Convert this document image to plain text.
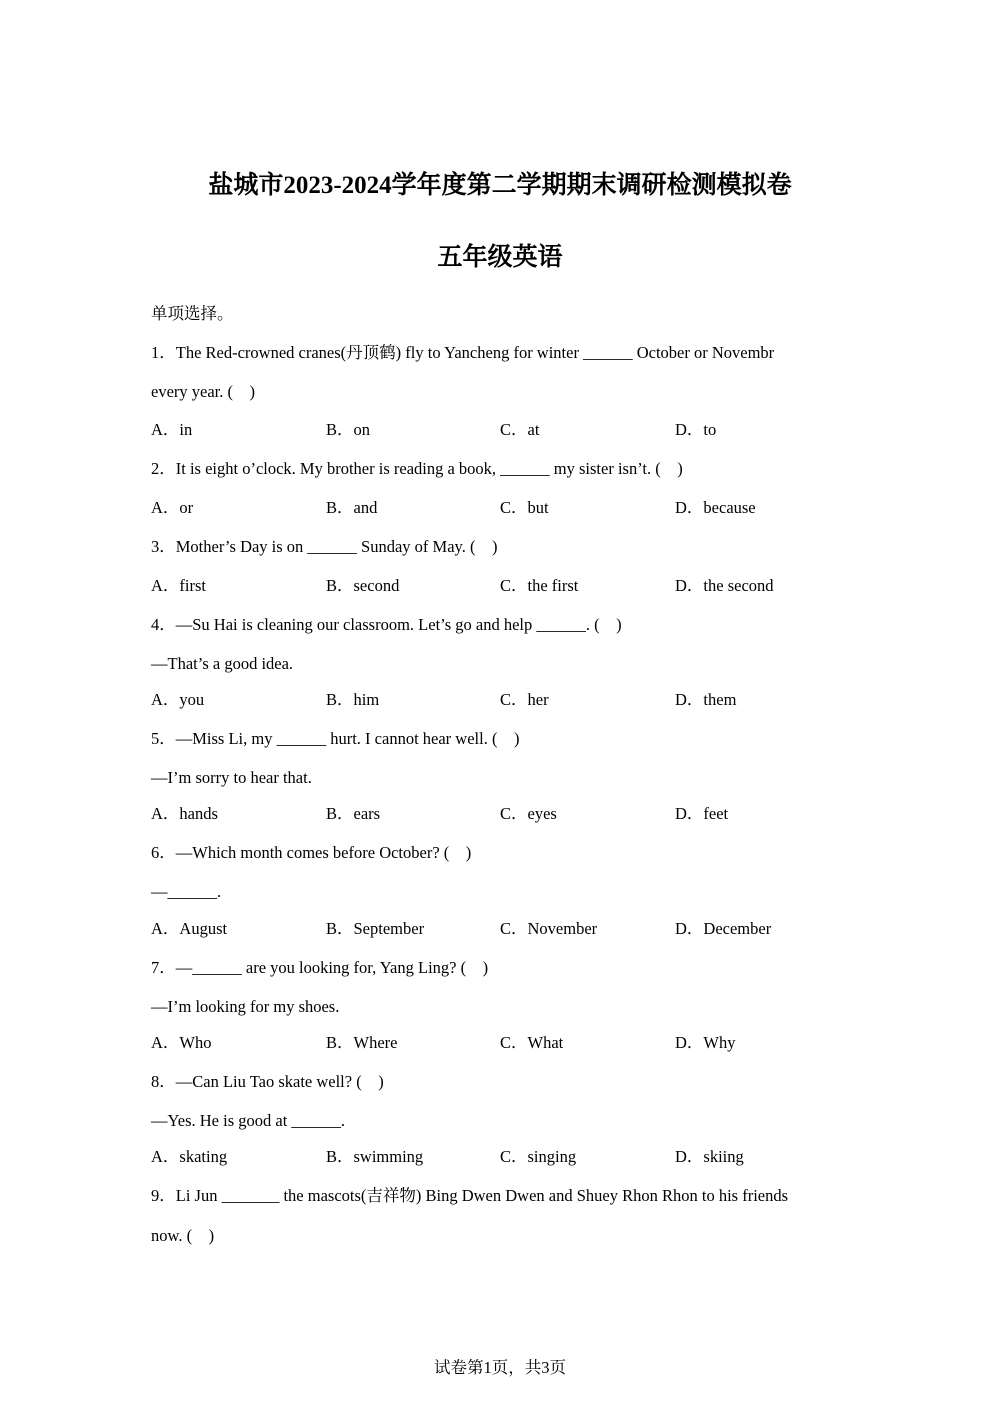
盐城市2023-2024学年度第二学期期末调研检测模拟卷
五年级英语
单项选择。
1．The Red-crowned cranes(丹顶鹤) fly to Yancheng for winter ______ October or Novembr
every year. (　)
A．in	B．on	C．at	D．to
2．It is eight o’clock. My brother is reading a book, ______ my sister isn’t. (　)
A．or	B．and	C．but	D．because
3．Mother’s Day is on ______ Sunday of May. (　)
A．first	B．second	C．the first	D．the second
4．—Su Hai is cleaning our classroom. Let’s go and help ______. (　)
—That’s a good idea.
A．you	B．him	C．her	D．them
5．—Miss Li, my ______ hurt. I cannot hear well. (　)
—I’m sorry to hear that.
A．hands	B．ears	C．eyes	D．feet
6．—Which month comes before October? (　)
—______.
A．August	B．September	C．November	D．December
7．—______ are you looking for, Yang Ling? (　)
—I’m looking for my shoes.
A．Who	B．Where	C．What	D．Why
8．—Can Liu Tao skate well? (　)
—Yes. He is good at ______.
A．skating	B．swimming	C．singing	D．skiing
9．Li Jun _______ the mascots(吉祥物) Bing Dwen Dwen and Shuey Rhon Rhon to his friends
now. (　)
试卷第1页，共3页
